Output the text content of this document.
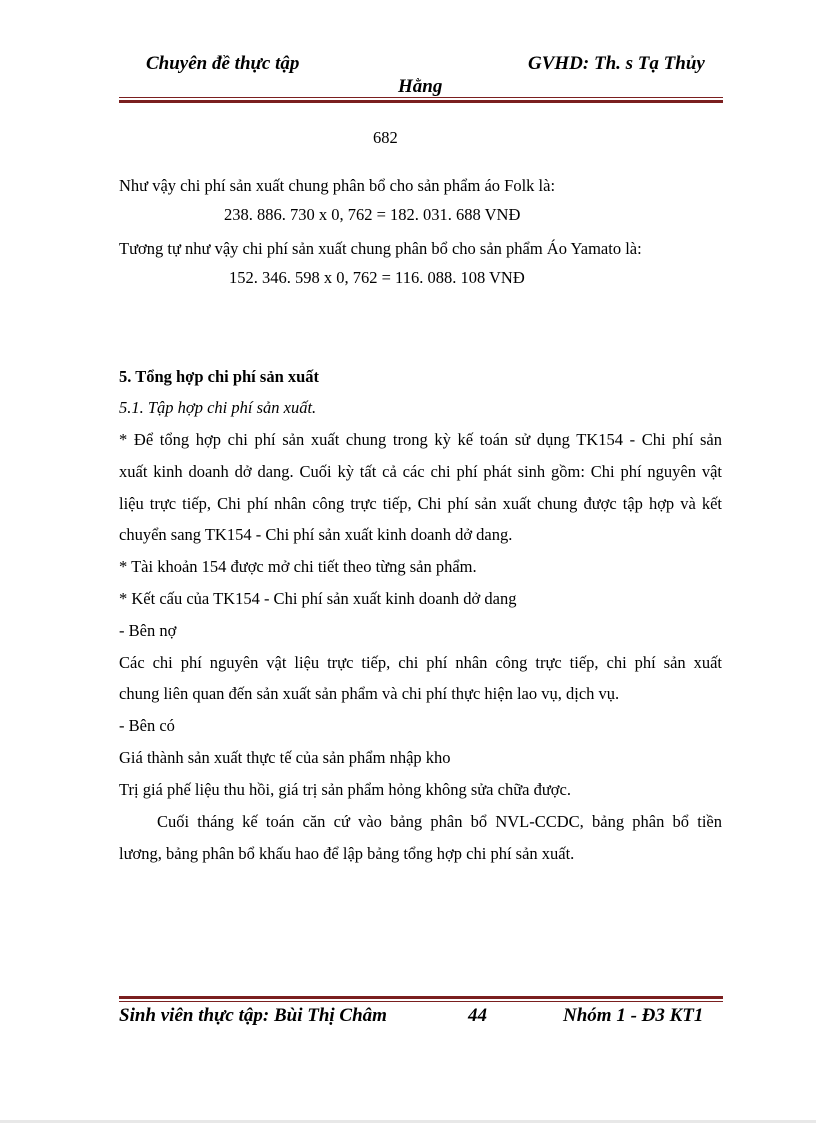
Chuyên đề thực tập	GVHD: Th. s Tạ Thủy
Hằng
682
Như vậy chi phí sản xuất chung phân bổ cho sản phẩm áo Folk là:
238. 886. 730 x 0, 762 = 182. 031. 688 VNĐ
Tương tự như vậy chi phí sản xuất chung phân bổ cho sản phẩm Áo Yamato là:
152. 346. 598 x 0, 762 = 116. 088. 108 VNĐ
5. Tổng hợp chi phí sản xuất
5.1. Tập hợp chi phí sản xuất.
* Để tổng hợp chi phí sản xuất chung trong kỳ kế toán sử dụng TK154 - Chi phí sản
xuất kinh doanh dở dang. Cuối kỳ tất cả các chi phí phát sinh gồm: Chi phí nguyên vật
liệu trực tiếp, Chi phí nhân công trực tiếp, Chi phí sản xuất chung được tập hợp và kết
chuyển sang TK154 - Chi phí sản xuất kinh doanh dở dang.
* Tài khoản 154 được mở chi tiết theo từng sản phẩm.
* Kết cấu của TK154 - Chi phí sản xuất kinh doanh dở dang
- Bên nợ
Các chi phí nguyên vật liệu trực tiếp, chi phí nhân công trực tiếp, chi phí sản xuất
chung liên quan đến sản xuất sản phẩm và chi phí thực hiện lao vụ, dịch vụ.
- Bên có
Giá thành sản xuất thực tế của sản phẩm nhập kho
Trị giá phế liệu thu hồi, giá trị sản phẩm hỏng không sửa chữa được.
Cuối tháng kế toán căn cứ vào bảng phân bổ NVL-CCDC, bảng phân bổ tiền
lương, bảng phân bổ khấu hao để lập bảng tổng hợp chi phí sản xuất.
Sinh viên thực tập: Bùi Thị Châm	44	Nhóm 1 - Đ3 KT1
